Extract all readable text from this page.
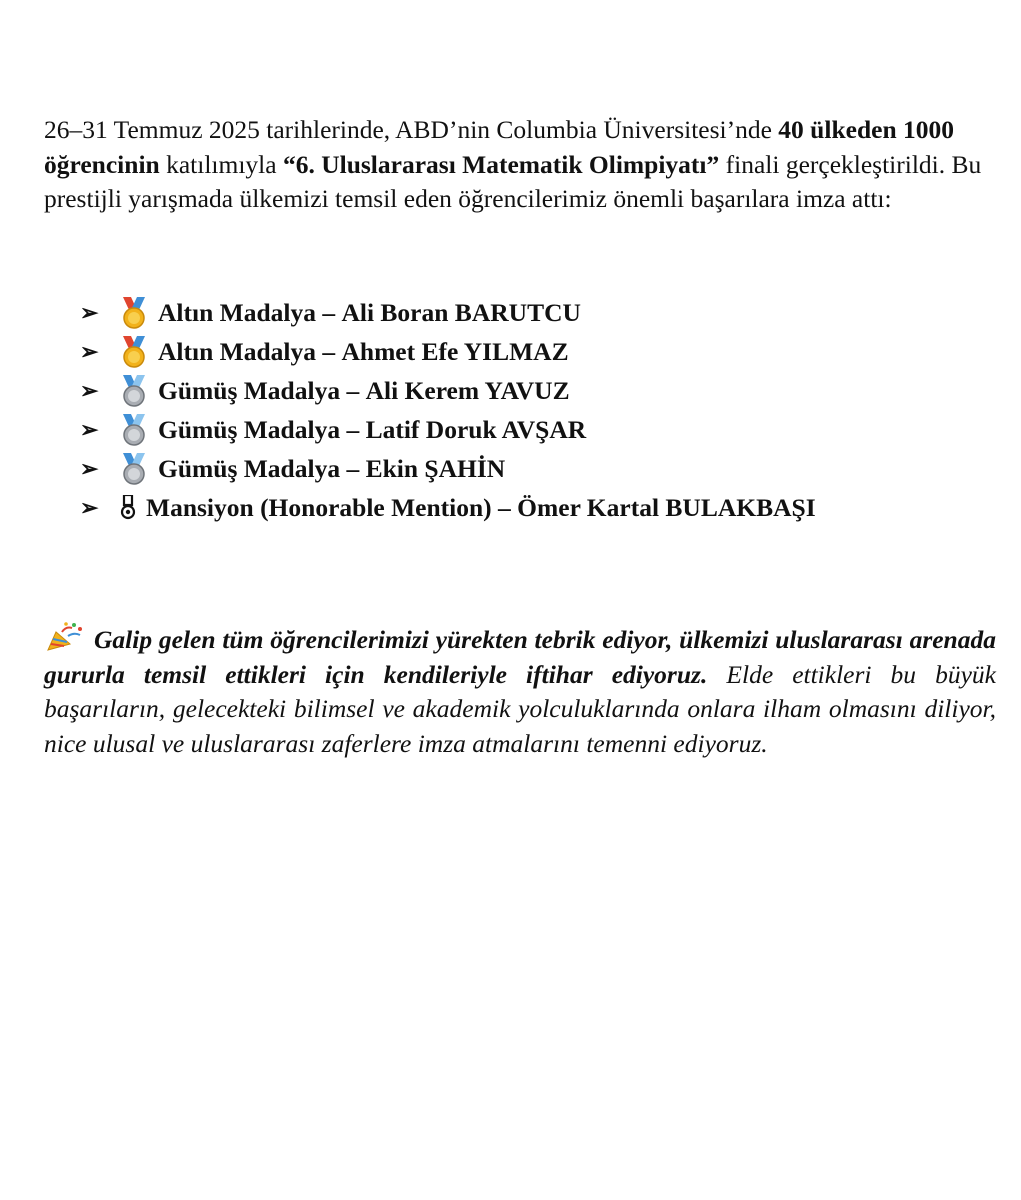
26–31 Temmuz 2025 tarihlerinde, ABD’nin Columbia Üniversitesi’nde 40 ülkeden 1000 öğrencinin katılımıyla “6. Uluslararası Matematik Olimpiyatı” finali gerçekleştirildi. Bu prestijli yarışmada ülkemizi temsil eden öğrencilerimiz önemli başarılara imza attı:

➢	Altın Madalya – Ali Boran BARUTCU
➢	Altın Madalya – Ahmet Efe YILMAZ
➢	Gümüş Madalya – Ali Kerem YAVUZ
➢	Gümüş Madalya – Latif Doruk AVŞAR
➢	Gümüş Madalya – Ekin ŞAHİN
➢	Mansiyon (Honorable Mention) – Ömer Kartal BULAKBAŞI

Galip gelen tüm öğrencilerimizi yürekten tebrik ediyor, ülkemizi uluslararası arenada gururla temsil ettikleri için kendileriyle iftihar ediyoruz. Elde ettikleri bu büyük başarıların, gelecekteki bilimsel ve akademik yolculuklarında onlara ilham olmasını diliyor, nice ulusal ve uluslararası zaferlere imza atmalarını temenni ediyoruz.
